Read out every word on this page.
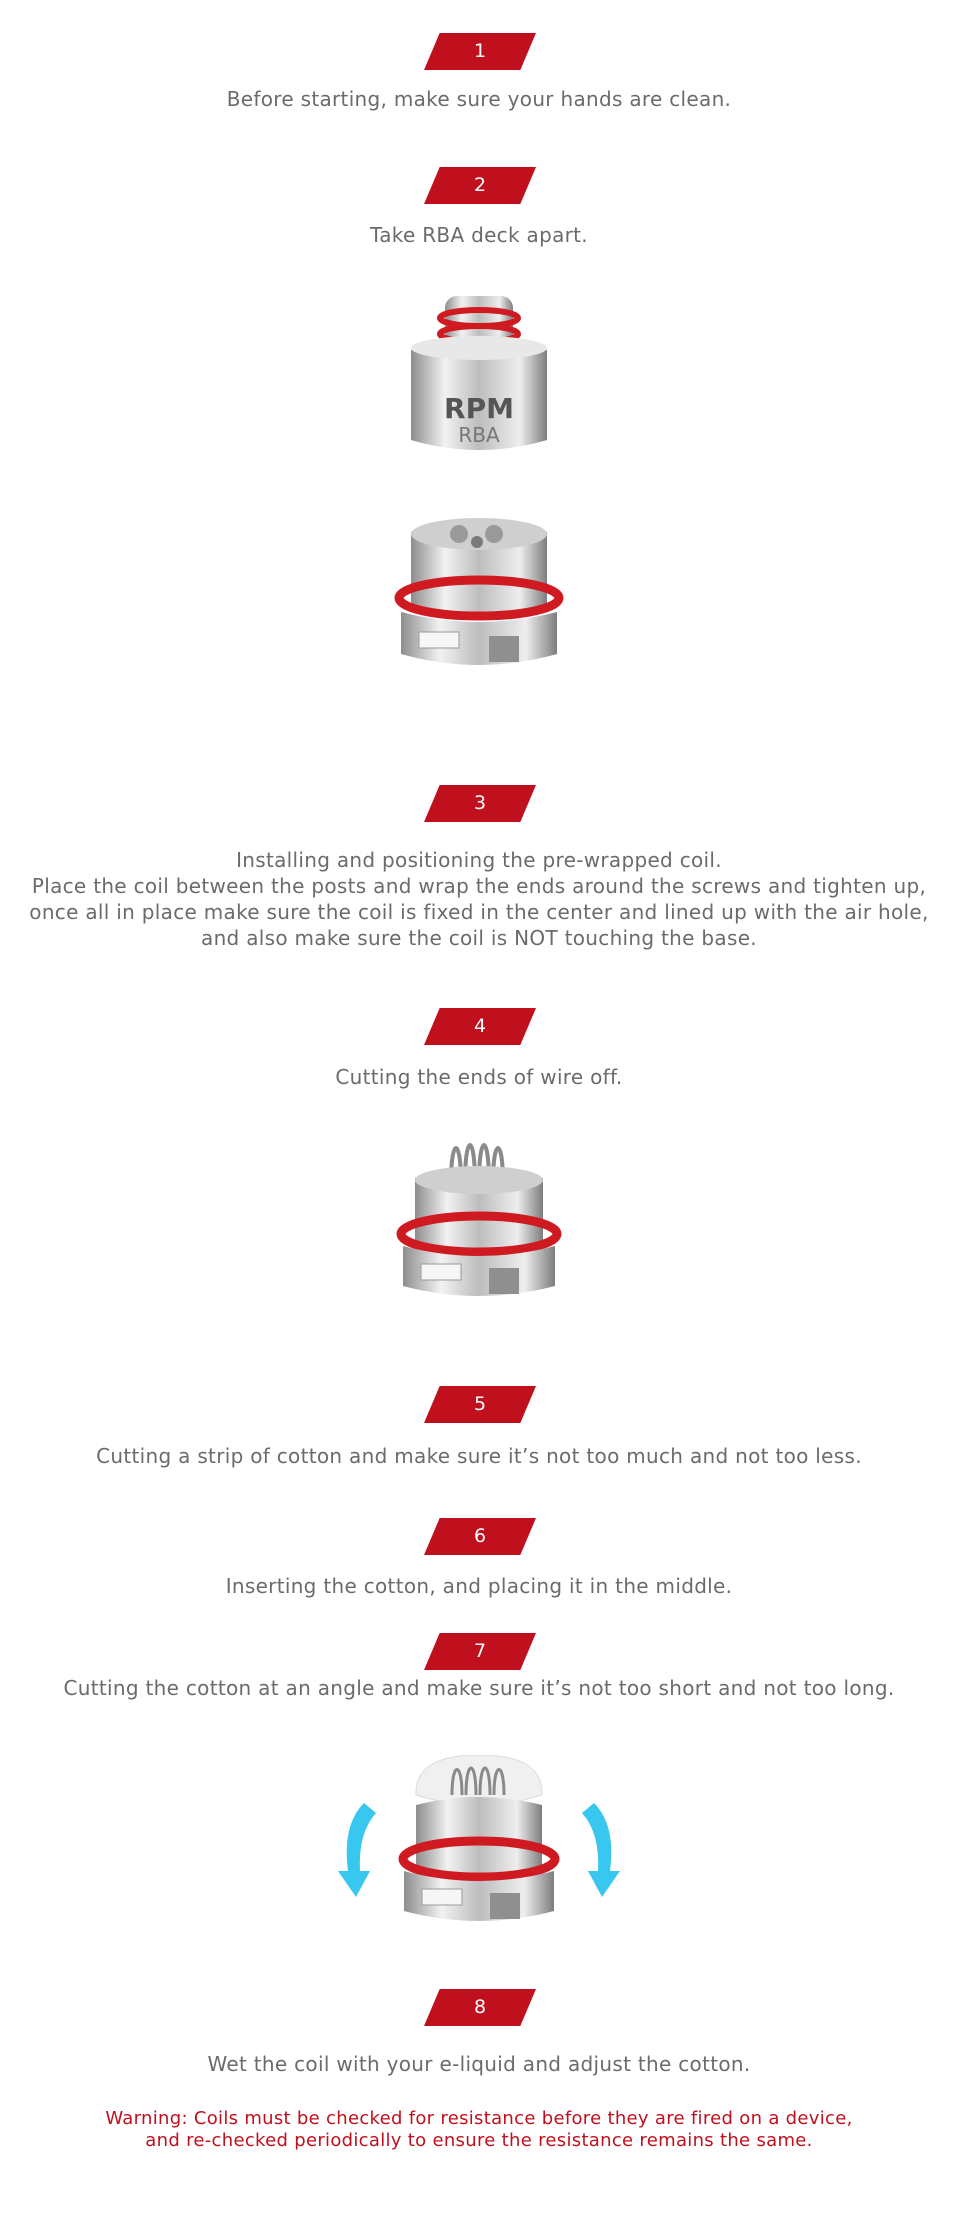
1
Before starting, make sure your hands are clean.
2
Take RBA deck apart.
RPM
RBA
3
Installing and positioning the pre-wrapped coil.
Place the coil between the posts and wrap the ends around the screws and tighten up,
once all in place make sure the coil is fixed in the center and lined up with the air hole,
and also make sure the coil is NOT touching the base.
4
Cutting the ends of wire off.
5
Cutting a strip of cotton and make sure it’s not too much and not too less.
6
Inserting the cotton, and placing it in the middle.
7
Cutting the cotton at an angle and make sure it’s not too short and not too long.
8
Wet the coil with your e-liquid and adjust the cotton.
Warning: Coils must be checked for resistance before they are fired on a device,
and re-checked periodically to ensure the resistance remains the same.
